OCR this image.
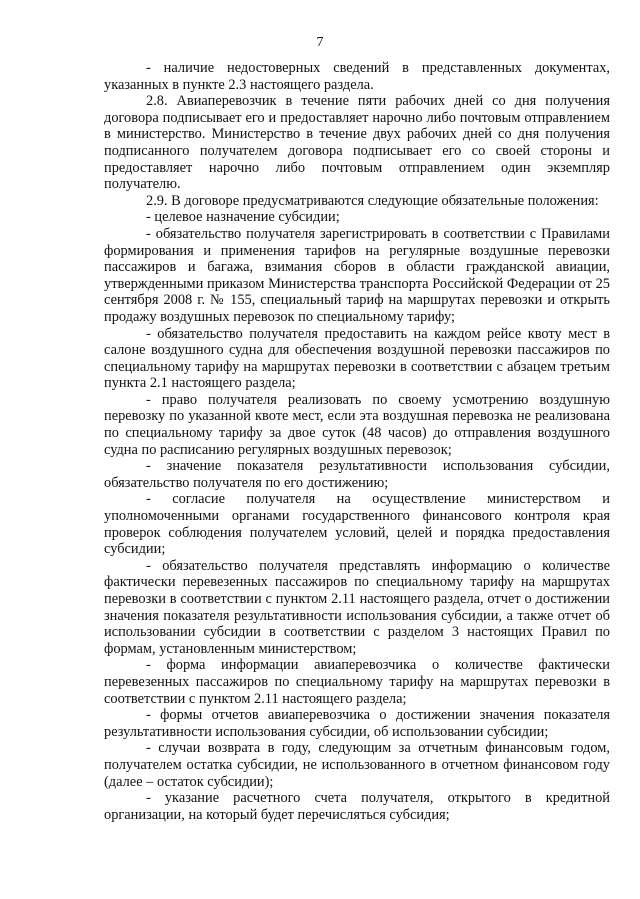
7

- наличие недостоверных сведений в представленных документах, указанных в пункте 2.3 настоящего раздела.

2.8. Авиаперевозчик в течение пяти рабочих дней со дня получения договора подписывает его и предоставляет нарочно либо почтовым отправлением в министерство. Министерство в течение двух рабочих дней со дня получения подписанного получателем договора подписывает его со своей стороны и предоставляет нарочно либо почтовым отправлением один экземпляр получателю.

2.9. В договоре предусматриваются следующие обязательные положения:

- целевое назначение субсидии;

- обязательство получателя зарегистрировать в соответствии с Правилами формирования и применения тарифов на регулярные воздушные перевозки пассажиров и багажа, взимания сборов в области гражданской авиации, утвержденными приказом Министерства транспорта Российской Федерации от 25 сентября 2008 г. № 155, специальный тариф на маршрутах перевозки и открыть продажу воздушных перевозок по специальному тарифу;

- обязательство получателя предоставить на каждом рейсе квоту мест в салоне воздушного судна для обеспечения воздушной перевозки пассажиров по специальному тарифу на маршрутах перевозки в соответствии с абзацем третьим пункта 2.1 настоящего раздела;

- право получателя реализовать по своему усмотрению воздушную перевозку по указанной квоте мест, если эта воздушная перевозка не реализована по специальному тарифу за двое суток (48 часов) до отправления воздушного судна по расписанию регулярных воздушных перевозок;

- значение показателя результативности использования субсидии, обязательство получателя по его достижению;

- согласие получателя на осуществление министерством и уполномоченными органами государственного финансового контроля края проверок соблюдения получателем условий, целей и порядка предоставления субсидии;

- обязательство получателя представлять информацию о количестве фактически перевезенных пассажиров по специальному тарифу на маршрутах перевозки в соответствии с пунктом 2.11 настоящего раздела, отчет о достижении значения показателя результативности использования субсидии, а также отчет об использовании субсидии в соответствии с разделом 3 настоящих Правил по формам, установленным министерством;

- форма информации авиаперевозчика о количестве фактически перевезенных пассажиров по специальному тарифу на маршрутах перевозки в соответствии с пунктом 2.11 настоящего раздела;

- формы отчетов авиаперевозчика о достижении значения показателя результативности использования субсидии, об использовании субсидии;

- случаи возврата в году, следующим за отчетным финансовым годом, получателем остатка субсидии, не использованного в отчетном финансовом году (далее – остаток субсидии);

- указание расчетного счета получателя, открытого в кредитной организации, на который будет перечисляться субсидия;
